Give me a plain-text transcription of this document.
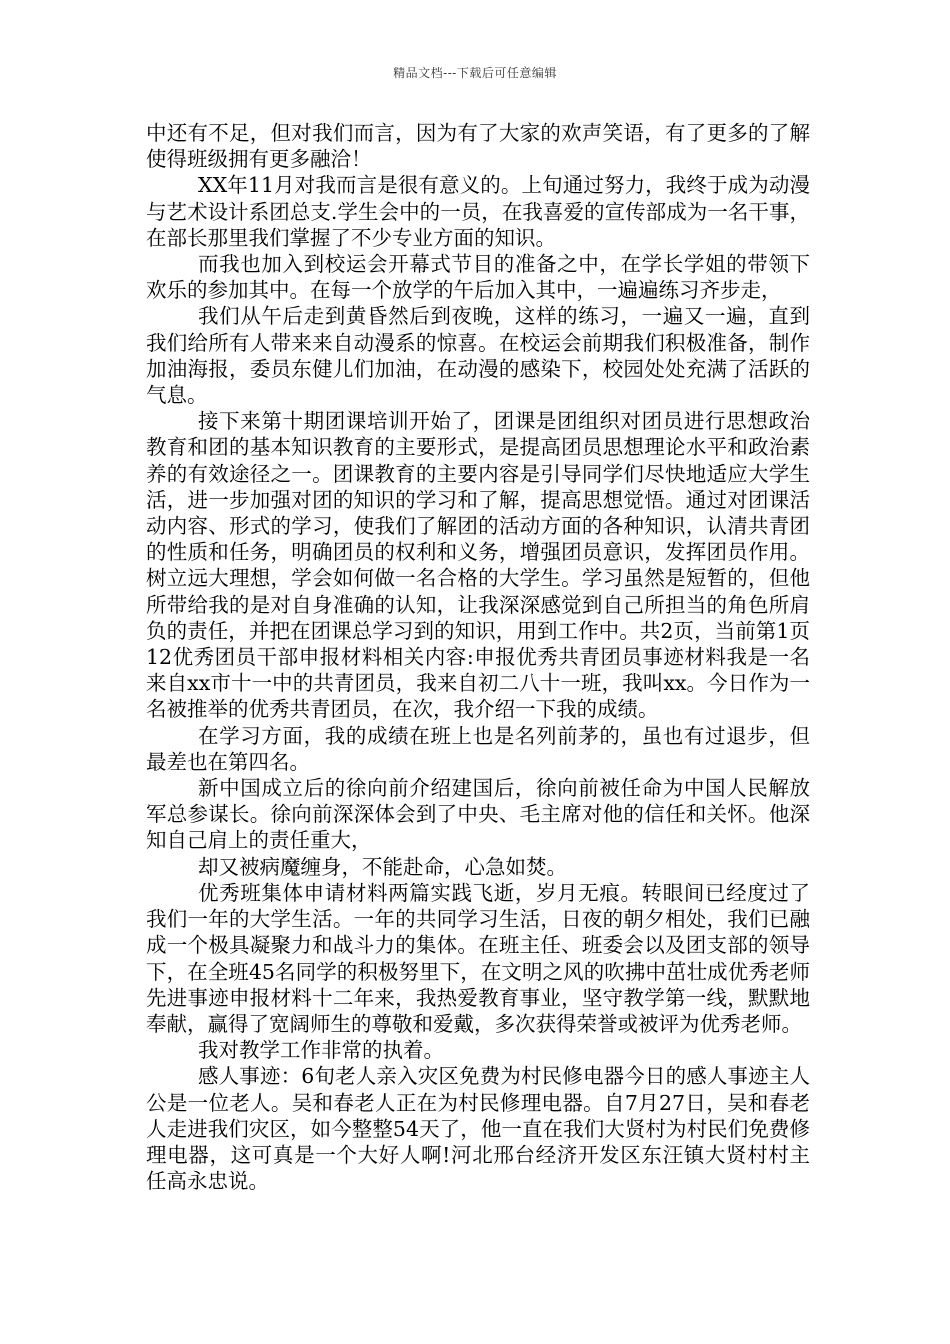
精品文档---下载后可任意编辑

中还有不足，但对我们而言，因为有了大家的欢声笑语，有了更多的了解使得班级拥有更多融洽！

XX年11月对我而言是很有意义的。上旬通过努力，我终于成为动漫与艺术设计系团总支.学生会中的一员，在我喜爱的宣传部成为一名干事，在部长那里我们掌握了不少专业方面的知识。

而我也加入到校运会开幕式节目的准备之中，在学长学姐的带领下欢乐的参加其中。在每一个放学的午后加入其中，一遍遍练习齐步走，

我们从午后走到黄昏然后到夜晚，这样的练习，一遍又一遍，直到我们给所有人带来来自动漫系的惊喜。在校运会前期我们积极准备，制作加油海报，委员东健儿们加油，在动漫的感染下，校园处处充满了活跃的气息。

接下来第十期团课培训开始了，团课是团组织对团员进行思想政治教育和团的基本知识教育的主要形式，是提高团员思想理论水平和政治素养的有效途径之一。团课教育的主要内容是引导同学们尽快地适应大学生活，进一步加强对团的知识的学习和了解，提高思想觉悟。通过对团课活动内容、形式的学习，使我们了解团的活动方面的各种知识，认清共青团的性质和任务，明确团员的权利和义务，增强团员意识，发挥团员作用。树立远大理想，学会如何做一名合格的大学生。学习虽然是短暂的，但他所带给我的是对自身准确的认知，让我深深感觉到自己所担当的角色所肩负的责任，并把在团课总学习到的知识，用到工作中。共2页，当前第1页12优秀团员干部申报材料相关内容:申报优秀共青团员事迹材料我是一名来自xx市十一中的共青团员，我来自初二八十一班，我叫xx。今日作为一名被推举的优秀共青团员，在次，我介绍一下我的成绩。

在学习方面，我的成绩在班上也是名列前茅的，虽也有过退步，但最差也在第四名。

新中国成立后的徐向前介绍建国后，徐向前被任命为中国人民解放军总参谋长。徐向前深深体会到了中央、毛主席对他的信任和关怀。他深知自己肩上的责任重大，

却又被病魔缠身，不能赴命，心急如焚。

优秀班集体申请材料两篇实践飞逝，岁月无痕。转眼间已经度过了我们一年的大学生活。一年的共同学习生活，日夜的朝夕相处，我们已融成一个极具凝聚力和战斗力的集体。在班主任、班委会以及团支部的领导下，在全班45名同学的积极努里下，在文明之风的吹拂中茁壮成优秀老师先进事迹申报材料十二年来，我热爱教育事业，坚守教学第一线，默默地奉献，赢得了宽阔师生的尊敬和爱戴，多次获得荣誉或被评为优秀老师。

我对教学工作非常的执着。

感人事迹：6旬老人亲入灾区免费为村民修电器今日的感人事迹主人公是一位老人。吴和春老人正在为村民修理电器。自7月27日，吴和春老人走进我们灾区，如今整整54天了，他一直在我们大贤村为村民们免费修理电器，这可真是一个大好人啊!河北邢台经济开发区东汪镇大贤村村主任高永忠说。
